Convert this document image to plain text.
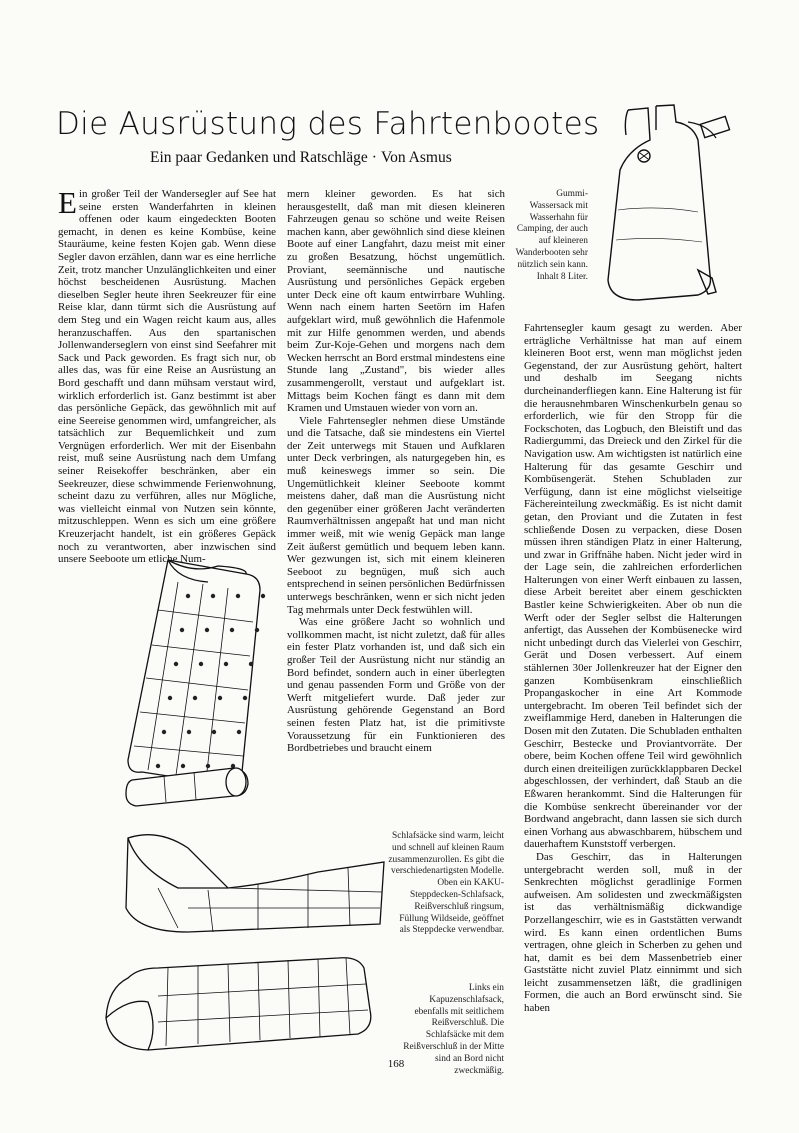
Die Ausrüstung des Fahrtenbootes
Ein paar Gedanken und Ratschläge · Von Asmus

Ein großer Teil der Wandersegler auf See hat seine ersten Wanderfahrten in kleinen offenen oder kaum eingedeckten Booten gemacht, in denen es keine Kombüse, keine Stauräume, keine festen Kojen gab. Wenn diese Segler davon erzählen, dann war es eine herrliche Zeit, trotz mancher Unzulänglichkeiten und einer höchst bescheidenen Ausrüstung. Machen dieselben Segler heute ihren Seekreuzer für eine Reise klar, dann türmt sich die Ausrüstung auf dem Steg und ein Wagen reicht kaum aus, alles heranzuschaffen. Aus den spartanischen Jollenwanderseglern von einst sind Seefahrer mit Sack und Pack geworden. Es fragt sich nur, ob alles das, was für eine Reise an Ausrüstung an Bord geschafft und dann mühsam verstaut wird, wirklich erforderlich ist. Ganz bestimmt ist aber das persönliche Gepäck, das gewöhnlich mit auf eine Seereise genommen wird, umfangreicher, als tatsächlich zur Bequemlichkeit und zum Vergnügen erforderlich. Wer mit der Eisenbahn reist, muß seine Ausrüstung nach dem Umfang seiner Reisekoffer beschränken, aber ein Seekreuzer, diese schwimmende Ferienwohnung, scheint dazu zu verführen, alles nur Mögliche, was vielleicht einmal von Nutzen sein könnte, mitzuschleppen. Wenn es sich um eine größere Kreuzerjacht handelt, ist ein größeres Gepäck noch zu verantworten, aber inzwischen sind unsere Seeboote um etliche Num-

mern kleiner geworden. Es hat sich herausgestellt, daß man mit diesen kleineren Fahrzeugen genau so schöne und weite Reisen machen kann, aber gewöhnlich sind diese kleinen Boote auf einer Langfahrt, dazu meist mit einer zu großen Besatzung, höchst ungemütlich. Proviant, seemännische und nautische Ausrüstung und persönliches Gepäck ergeben unter Deck eine oft kaum entwirrbare Wuhling. Wenn nach einem harten Seetörn im Hafen aufgeklart wird, muß gewöhnlich die Hafenmole mit zur Hilfe genommen werden, und abends beim Zur-Koje-Gehen und morgens nach dem Wecken herrscht an Bord erstmal mindestens eine Stunde lang „Zustand", bis wieder alles zusammengerollt, verstaut und aufgeklart ist. Mittags beim Kochen fängt es dann mit dem Kramen und Umstauen wieder von vorn an.

Viele Fahrtensegler nehmen diese Umstände und die Tatsache, daß sie mindestens ein Viertel der Zeit unterwegs mit Stauen und Aufklaren unter Deck verbringen, als naturgegeben hin, es muß keineswegs immer so sein. Die Ungemütlichkeit kleiner Seeboote kommt meistens daher, daß man die Ausrüstung nicht den gegenüber einer größeren Jacht veränderten Raumverhältnissen angepaßt hat und man nicht immer weiß, mit wie wenig Gepäck man lange Zeit äußerst gemütlich und bequem leben kann. Wer gezwungen ist, sich mit einem kleineren Seeboot zu begnügen, muß sich auch entsprechend in seinen persönlichen Bedürfnissen unterwegs beschränken, wenn er sich nicht jeden Tag mehrmals unter Deck festwühlen will.

Was eine größere Jacht so wohnlich und vollkommen macht, ist nicht zuletzt, daß für alles ein fester Platz vorhanden ist, und daß sich ein großer Teil der Ausrüstung nicht nur ständig an Bord befindet, sondern auch in einer überlegten und genau passenden Form und Größe von der Werft mitgeliefert wurde. Daß jeder zur Ausrüstung gehörende Gegenstand an Bord seinen festen Platz hat, ist die primitivste Voraussetzung für ein Funktionieren des Bordbetriebes und braucht einem

Fahrtensegler kaum gesagt zu werden. Aber erträgliche Verhältnisse hat man auf einem kleineren Boot erst, wenn man möglichst jeden Gegenstand, der zur Ausrüstung gehört, haltert und deshalb im Seegang nichts durcheinanderfliegen kann. Eine Halterung ist für die herausnehmbaren Winschenkurbeln genau so erforderlich, wie für den Stropp für die Fockschoten, das Logbuch, den Bleistift und das Radiergummi, das Dreieck und den Zirkel für die Navigation usw. Am wichtigsten ist natürlich eine Halterung für das gesamte Geschirr und Kombüsengerät. Stehen Schubladen zur Verfügung, dann ist eine möglichst vielseitige Fächereinteilung zweckmäßig. Es ist nicht damit getan, den Proviant und die Zutaten in fest schließende Dosen zu verpacken, diese Dosen müssen ihren ständigen Platz in einer Halterung, und zwar in Griffnähe haben. Nicht jeder wird in der Lage sein, die zahlreichen erforderlichen Halterungen von einer Werft einbauen zu lassen, diese Arbeit bereitet aber einem geschickten Bastler keine Schwierigkeiten. Aber ob nun die Werft oder der Segler selbst die Halterungen anfertigt, das Aussehen der Kombüsenecke wird nicht unbedingt durch das Vielerlei von Geschirr, Gerät und Dosen verbessert. Auf einem stählernen 30er Jollenkreuzer hat der Eigner den ganzen Kombüsenkram einschließlich Propangaskocher in eine Art Kommode untergebracht. Im oberen Teil befindet sich der zweiflammige Herd, daneben in Halterungen die Dosen mit den Zutaten. Die Schubladen enthalten Geschirr, Bestecke und Proviantvorräte. Der obere, beim Kochen offene Teil wird gewöhnlich durch einen dreiteiligen zurückklappbaren Deckel abgeschlossen, der verhindert, daß Staub an die Eßwaren herankommt. Sind die Halterungen für die Kombüse senkrecht übereinander vor der Bordwand angebracht, dann lassen sie sich durch einen Vorhang aus abwaschbarem, hübschem und dauerhaftem Kunststoff verbergen.

Das Geschirr, das in Halterungen untergebracht werden soll, muß in der Senkrechten möglichst geradlinige Formen aufweisen. Am solidesten und zweckmäßigsten ist das verhältnismäßig dickwandige Porzellangeschirr, wie es in Gaststätten verwandt wird. Es kann einen ordentlichen Bums vertragen, ohne gleich in Scherben zu gehen und hat, damit es bei dem Massenbetrieb einer Gaststätte nicht zuviel Platz einnimmt und sich leicht zusammensetzen läßt, die gradlinigen Formen, die auch an Bord erwünscht sind. Sie haben

Gummi-Wassersack mit Wasserhahn für Camping, der auch auf kleineren Wanderbooten sehr nützlich sein kann. Inhalt 8 Liter.
Schlafsäcke sind warm, leicht und schnell auf kleinen Raum zusammenzurollen. Es gibt die verschiedenartigsten Modelle. Oben ein KAKU-Steppdecken-Schlafsack, Reißverschluß ringsum, Füllung Wildseide, geöffnet als Steppdecke verwendbar.
Links ein Kapuzenschlafsack, ebenfalls mit seitlichem Reißverschluß. Die Schlafsäcke mit dem Reißverschluß in der Mitte sind an Bord nicht zweckmäßig.
168
